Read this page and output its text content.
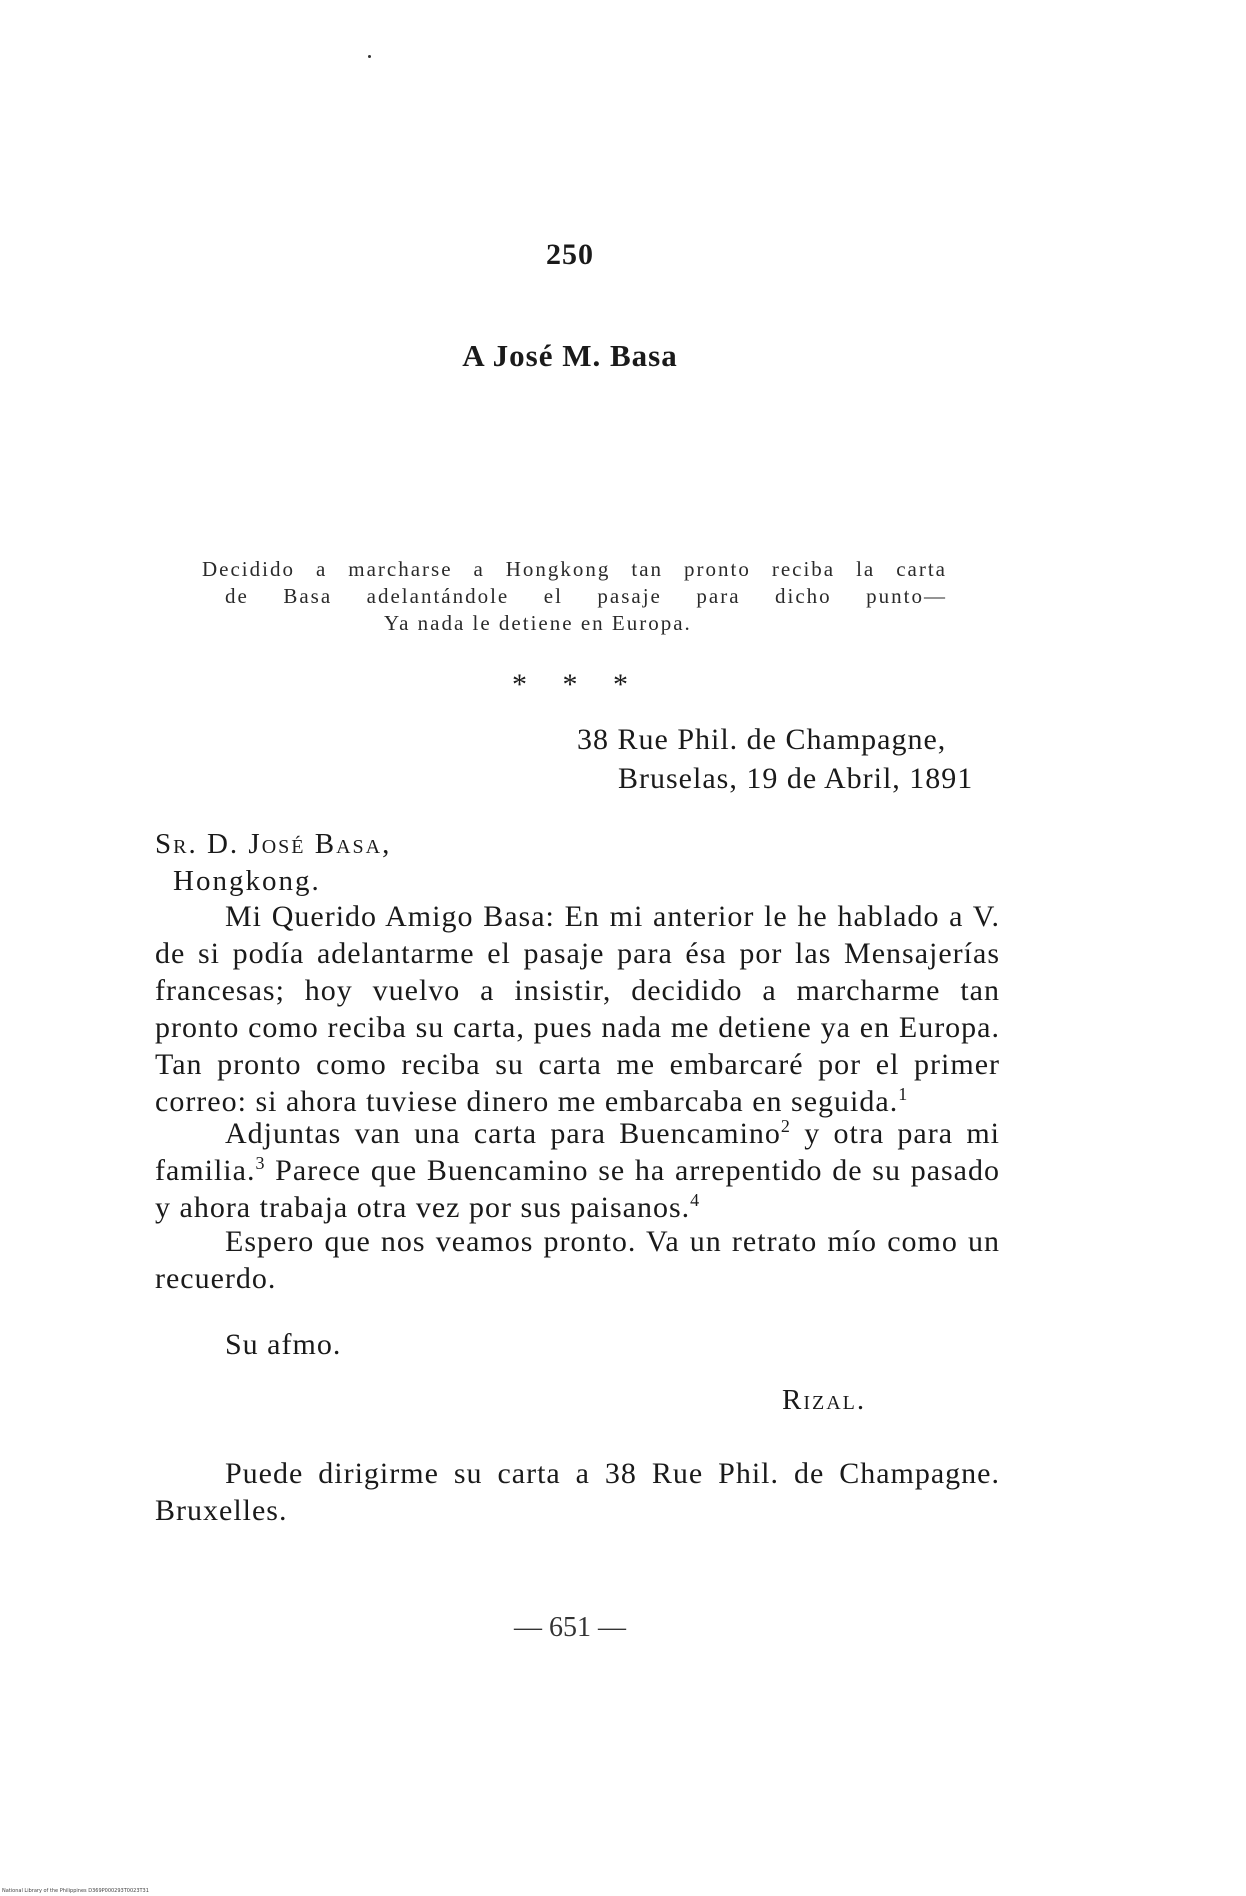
250
A José M. Basa
Decidido a marcharse a Hongkong tan pronto reciba la carta
de Basa adelantándole el pasaje para dicho punto—
Ya nada le detiene en Europa.
* * *
38 Rue Phil. de Champagne,
Bruselas, 19 de Abril, 1891
Sr. D. José Basa,
Hongkong.

Mi Querido Amigo Basa: En mi anterior le he hablado a V. de si podía adelantarme el pasaje para ésa por las Mensajerías francesas; hoy vuelvo a insistir, decidido a marcharme tan pronto como reciba su carta, pues nada me detiene ya en Europa. Tan pronto como reciba su carta me embarcaré por el primer correo: si ahora tuviese dinero me embarcaba en seguida.$^1$

Adjuntas van una carta para Buencamino$^2$ y otra para mi familia.$^3$ Parece que Buencamino se ha arrepentido de su pasado y ahora trabaja otra vez por sus paisanos.$^4$

Espero que nos veamos pronto. Va un retrato mío como un recuerdo.

Su afmo.
Rizal.

Puede dirigirme su carta a 38 Rue Phil. de Champagne. Bruxelles.

— 651 —
National Library of the Philippines D369P000293T0023T31
